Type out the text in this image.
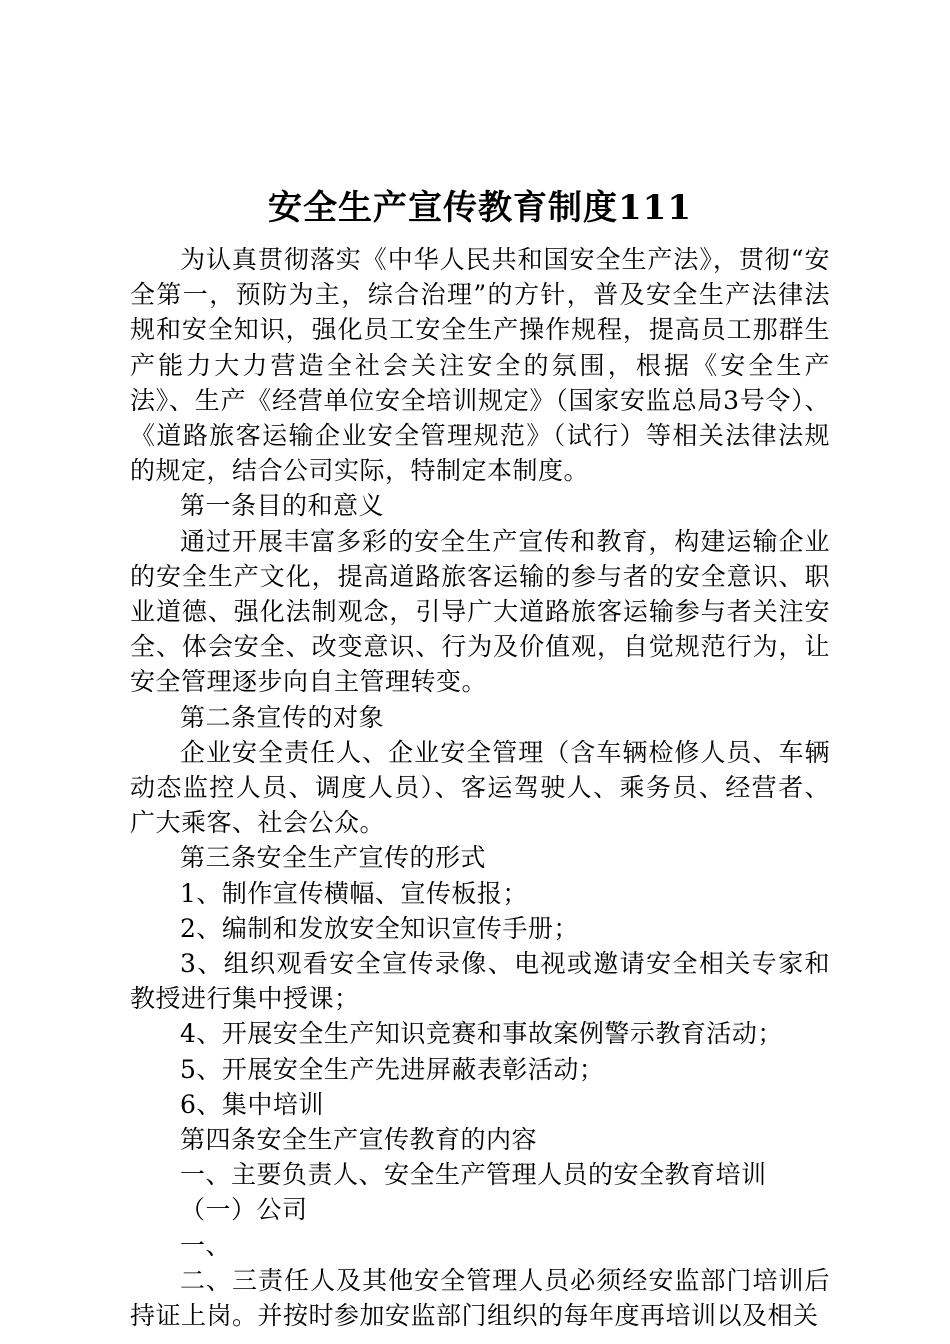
安全生产宣传教育制度111

为认真贯彻落实《中华人民共和国安全生产法》，贯彻“安全第一，预防为主，综合治理”的方针，普及安全生产法律法规和安全知识，强化员工安全生产操作规程，提高员工那群生产能力大力营造全社会关注安全的氛围，根据《安全生产法》、生产《经营单位安全培训规定》（国家安监总局3号令）、《道路旅客运输企业安全管理规范》（试行）等相关法律法规的规定，结合公司实际，特制定本制度。

第一条目的和意义

通过开展丰富多彩的安全生产宣传和教育，构建运输企业的安全生产文化，提高道路旅客运输的参与者的安全意识、职业道德、强化法制观念，引导广大道路旅客运输参与者关注安全、体会安全、改变意识、行为及价值观，自觉规范行为，让安全管理逐步向自主管理转变。

第二条宣传的对象

企业安全责任人、企业安全管理（含车辆检修人员、车辆动态监控人员、调度人员）、客运驾驶人、乘务员、经营者、广大乘客、社会公众。

第三条安全生产宣传的形式

1、制作宣传横幅、宣传板报；

2、编制和发放安全知识宣传手册；

3、组织观看安全宣传录像、电视或邀请安全相关专家和教授进行集中授课；

4、开展安全生产知识竞赛和事故案例警示教育活动；

5、开展安全生产先进屏蔽表彰活动；

6、集中培训

第四条安全生产宣传教育的内容

一、主要负责人、安全生产管理人员的安全教育培训

（一）公司

一、

二、三责任人及其他安全管理人员必须经安监部门培训后持证上岗。并按时参加安监部门组织的每年度再培训以及相关
